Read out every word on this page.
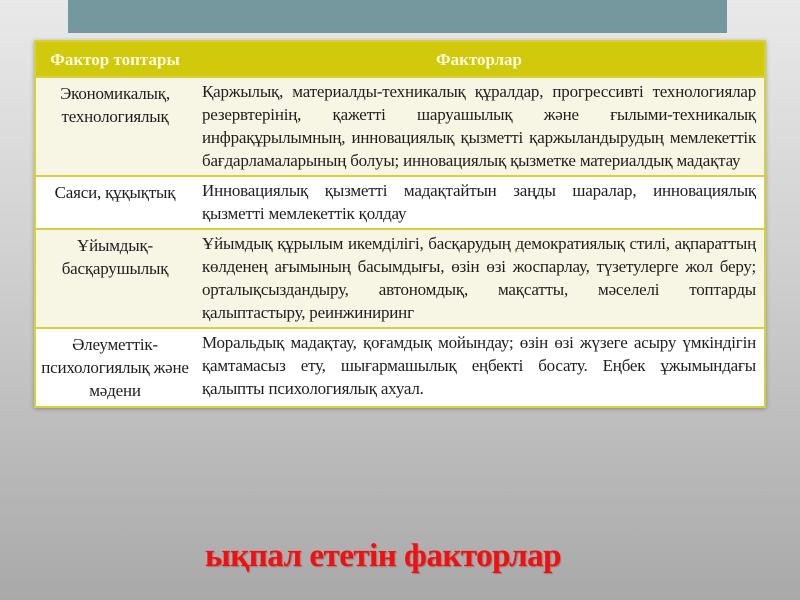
Фактор топтары	Факторлар
Экономикалық, технологиялық	Қаржылық, материалды-техникалық құралдар, прогрессивті технологиялар резервтерінің, қажетті шаруашылық және ғылыми-техникалық инфрақұрылымның, инновациялық қызметті қаржыландырудың мемлекеттік бағдарламаларының болуы; инновациялық қызметке материалдық мадақтау
Саяси, құқықтық	Инновациялық қызметті мадақтайтын заңды шаралар, инновациялық қызметті мемлекеттік қолдау
Ұйымдық-басқарушылық	Ұйымдық құрылым икемділігі, басқарудың демократиялық стилі, ақпараттың көлденең ағымының басымдығы, өзін өзі жоспарлау, түзетулерге жол беру; орталықсыздандыру, автономдық, мақсатты, мәселелі топтарды қалыптастыру, реинжиниринг
Әлеуметтік-психологиялық және мәдени	Моральдық мадақтау, қоғамдық мойындау; өзін өзі жүзеге асыру үмкіндігін қамтамасыз ету, шығармашылық еңбекті босату. Еңбек ұжымындағы қалыпты психологиялық ахуал.
ықпал ететін факторлар
